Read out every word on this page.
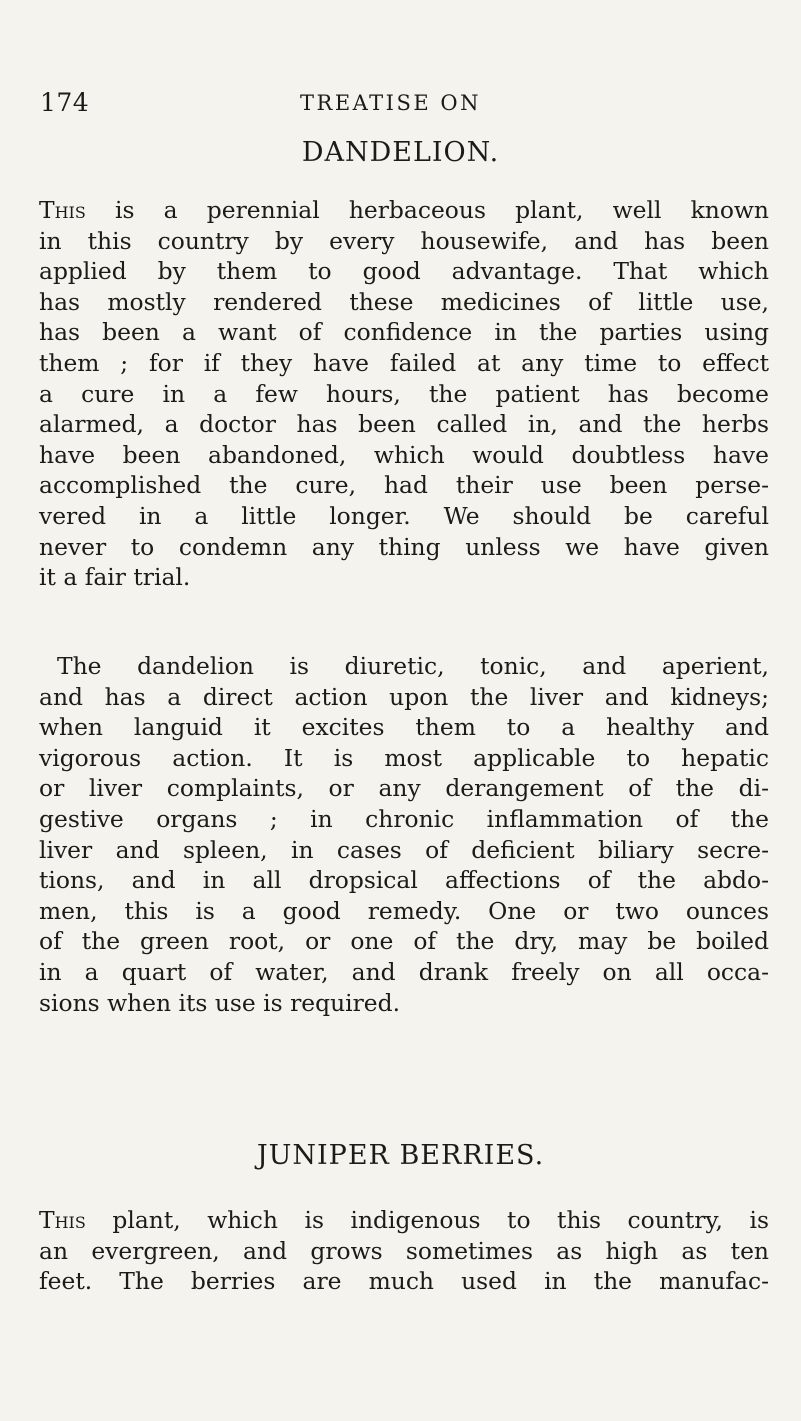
174	TREATISE ON
DANDELION.
This is a perennial herbaceous plant, well known
in this country by every housewife, and has been
applied by them to good advantage. That which
has mostly rendered these medicines of little use,
has been a want of confidence in the parties using
them ; for if they have failed at any time to effect
a cure in a few hours, the patient has become
alarmed, a doctor has been called in, and the herbs
have been abandoned, which would doubtless have
accomplished the cure, had their use been perse-
vered in a little longer. We should be careful
never to condemn any thing unless we have given
it a fair trial.
The dandelion is diuretic, tonic, and aperient,
and has a direct action upon the liver and kidneys;
when languid it excites them to a healthy and
vigorous action. It is most applicable to hepatic
or liver complaints, or any derangement of the di-
gestive organs ; in chronic inflammation of the
liver and spleen, in cases of deficient biliary secre-
tions, and in all dropsical affections of the abdo-
men, this is a good remedy. One or two ounces
of the green root, or one of the dry, may be boiled
in a quart of water, and drank freely on all occa-
sions when its use is required.
JUNIPER BERRIES.
This plant, which is indigenous to this country, is
an evergreen, and grows sometimes as high as ten
feet. The berries are much used in the manufac-
